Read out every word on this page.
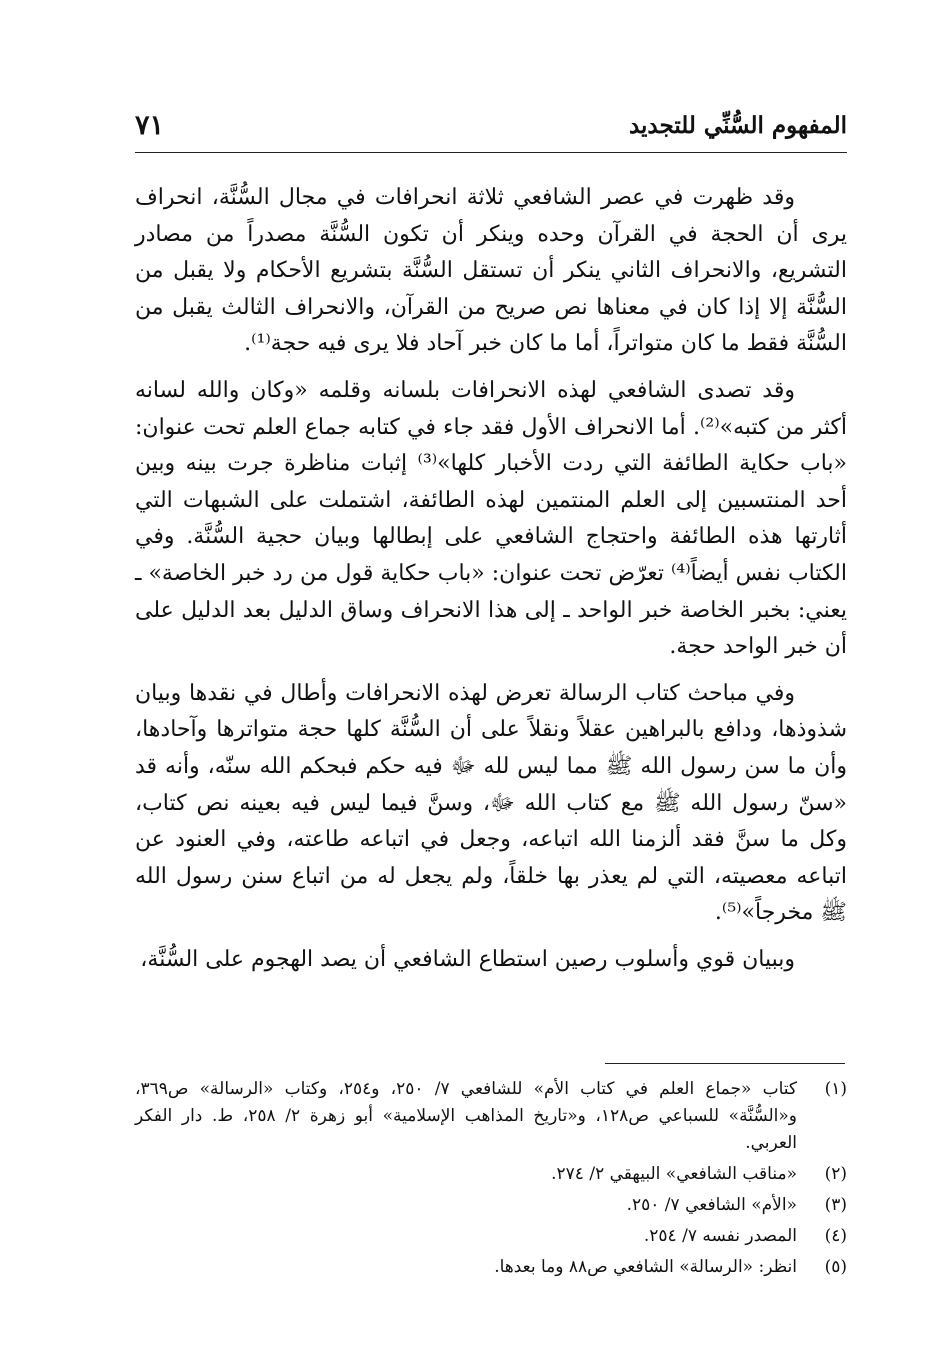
المفهوم السُّنِّي للتجديد
٧١

وقد ظهرت في عصر الشافعي ثلاثة انحرافات في مجال السُّنَّة، انحراف يرى أن الحجة في القرآن وحده وينكر أن تكون السُّنَّة مصدراً من مصادر التشريع، والانحراف الثاني ينكر أن تستقل السُّنَّة بتشريع الأحكام ولا يقبل من السُّنَّة إلا إذا كان في معناها نص صريح من القرآن، والانحراف الثالث يقبل من السُّنَّة فقط ما كان متواتراً، أما ما كان خبر آحاد فلا يرى فيه حجة⁽¹⁾.

وقد تصدى الشافعي لهذه الانحرافات بلسانه وقلمه «وكان والله لسانه أكثر من كتبه»⁽²⁾. أما الانحراف الأول فقد جاء في كتابه جماع العلم تحت عنوان: «باب حكاية الطائفة التي ردت الأخبار كلها»⁽³⁾ إثبات مناظرة جرت بينه وبين أحد المنتسبين إلى العلم المنتمين لهذه الطائفة، اشتملت على الشبهات التي أثارتها هذه الطائفة واحتجاج الشافعي على إبطالها وبيان حجية السُّنَّة. وفي الكتاب نفس أيضاً⁽⁴⁾ تعرّض تحت عنوان: «باب حكاية قول من رد خبر الخاصة» ـ يعني: بخبر الخاصة خبر الواحد ـ إلى هذا الانحراف وساق الدليل بعد الدليل على أن خبر الواحد حجة.

وفي مباحث كتاب الرسالة تعرض لهذه الانحرافات وأطال في نقدها وبيان شذوذها، ودافع بالبراهين عقلاً ونقلاً على أن السُّنَّة كلها حجة متواترها وآحادها، وأن ما سن رسول الله ﷺ مما ليس لله ﷻ فيه حكم فبحكم الله سنّه، وأنه قد «سنّ رسول الله ﷺ مع كتاب الله ﷻ، وسنَّ فيما ليس فيه بعينه نص كتاب، وكل ما سنَّ فقد ألزمنا الله اتباعه، وجعل في اتباعه طاعته، وفي العنود عن اتباعه معصيته، التي لم يعذر بها خلقاً، ولم يجعل له من اتباع سنن رسول الله ﷺ مخرجاً»⁽⁵⁾.

وببيان قوي وأسلوب رصين استطاع الشافعي أن يصد الهجوم على السُّنَّة،

(١)
كتاب «جماع العلم في كتاب الأم» للشافعي ٧/ ٢٥٠، و٢٥٤، وكتاب «الرسالة» ص٣٦٩، و«السُّنَّة» للسباعي ص١٢٨، و«تاريخ المذاهب الإسلامية» أبو زهرة ٢/ ٢٥٨، ط. دار الفكر العربي.
(٢)
«مناقب الشافعي» البيهقي ٢/ ٢٧٤.
(٣)
«الأم» الشافعي ٧/ ٢٥٠.
(٤)
المصدر نفسه ٧/ ٢٥٤.
(٥)
انظر: «الرسالة» الشافعي ص٨٨ وما بعدها.
